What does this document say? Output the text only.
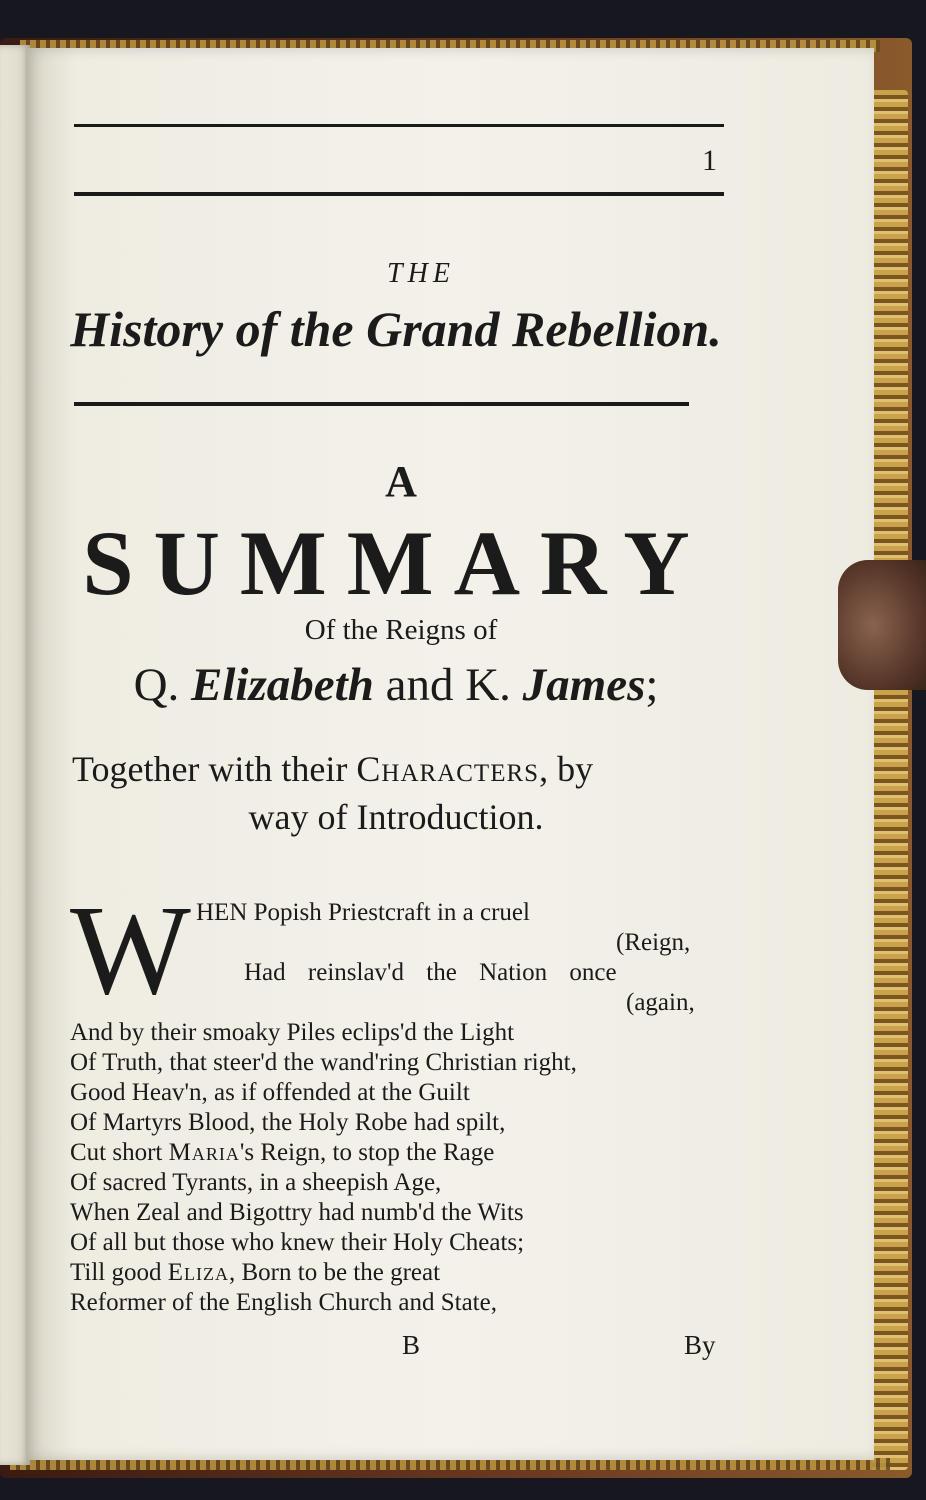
1
THE
History of the Grand Rebellion.
A
SUMMARY
Of the Reigns of
Q. Elizabeth and K. James;
Together with their Characters, by
way of Introduction.
W HEN Popish Priestcraft in a cruel
(Reign,
Had reinslav'd the Nation once
(again,
And by their smoaky Piles eclips'd the Light
Of Truth, that steer'd the wand'ring Christian right,
Good Heav'n, as if offended at the Guilt
Of Martyrs Blood, the Holy Robe had spilt,
Cut short Maria's Reign, to stop the Rage
Of sacred Tyrants, in a sheepish Age,
When Zeal and Bigottry had numb'd the Wits
Of all but those who knew their Holy Cheats;
Till good Eliza, Born to be the great
Reformer of the English Church and State,
B	By
